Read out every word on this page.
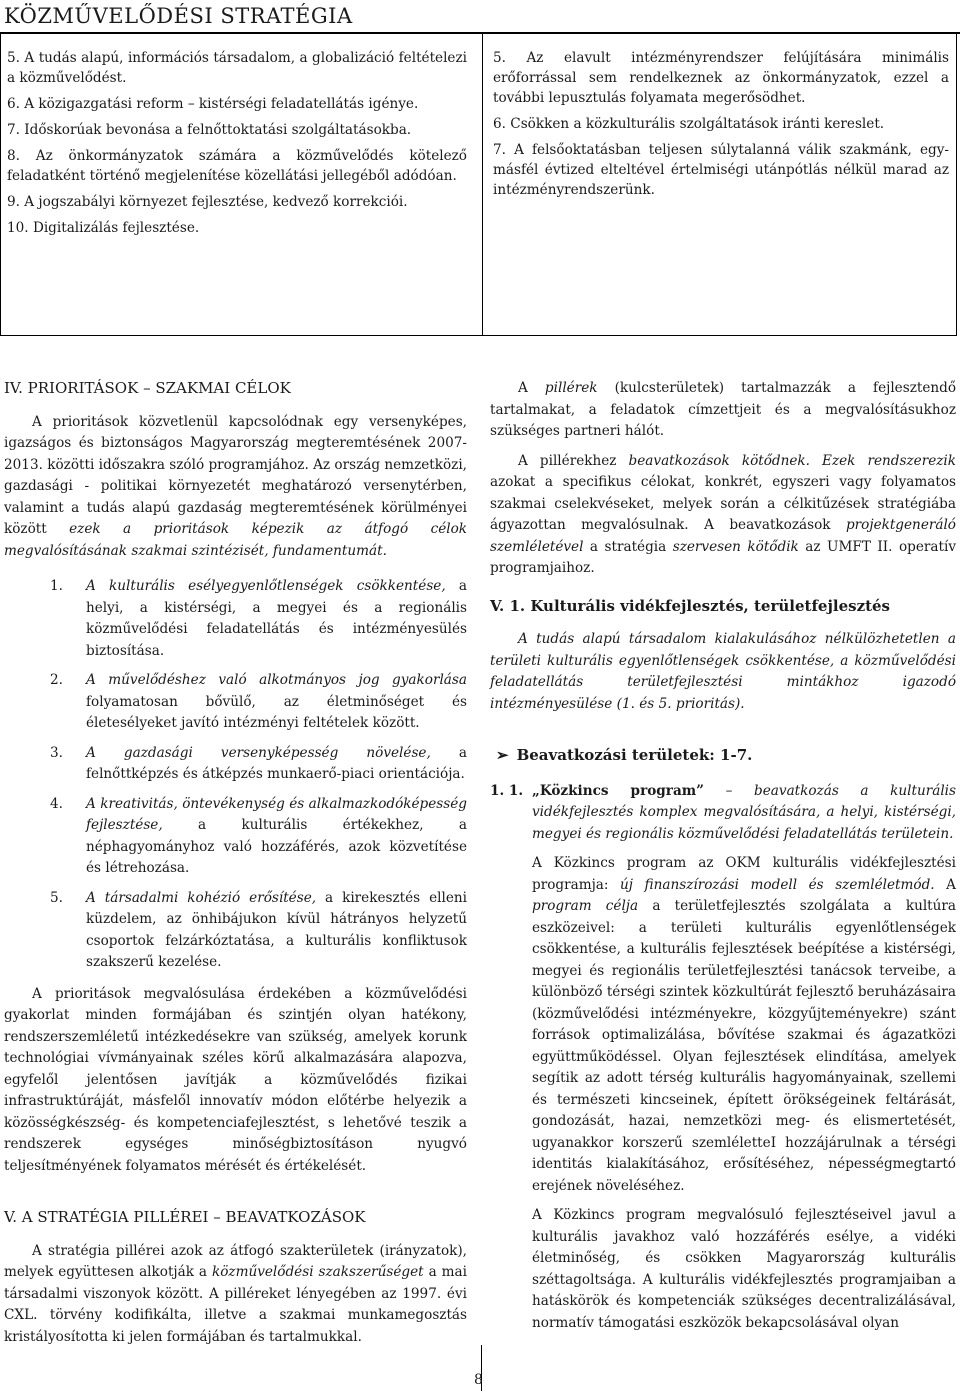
KÖZMŰVELŐDÉSI STRATÉGIA

5. A tudás alapú, információs társadalom, a globalizáció feltételezi a közművelődést.

6. A közigazgatási reform – kistérségi feladatellátás igénye.

7. Időskorúak bevonása a felnőttoktatási szolgáltatásokba.

8. Az önkormányzatok számára a közművelődés kötelező feladatként történő megjelenítése közellátási jellegéből adódóan.

9. A jogszabályi környezet fejlesztése, kedvező korrekciói.

10. Digitalizálás fejlesztése.

5. Az elavult intézményrendszer felújítására minimális erőforrással sem rendelkeznek az önkormányzatok, ezzel a további lepusztulás folyamata megerősödhet.

6. Csökken a közkulturális szolgáltatások iránti kereslet.

7. A felsőoktatásban teljesen súlytalanná válik szakmánk, egy-másfél évtized elteltével értelmiségi utánpótlás nélkül marad az intézményrendszerünk.

IV. PRIORITÁSOK – SZAKMAI CÉLOK

A prioritások közvetlenül kapcsolódnak egy versenyképes, igazságos és biztonságos Magyarország megteremtésének 2007-2013. közötti időszakra szóló programjához. Az ország nemzetközi, gazdasági - politikai környezetét meghatározó versenytérben, valamint a tudás alapú gazdaság megteremtésének körülményei között ezek a prioritások képezik az átfogó célok megvalósításának szakmai szintézisét, fundamentumát.

1. A kulturális esélyegyenlőtlenségek csökkentése, a helyi, a kistérségi, a megyei és a regionális közművelődési feladatellátás és intézményesülés biztosítása.
2. A művelődéshez való alkotmányos jog gyakorlása folyamatosan bővülő, az életminőséget és életesélyeket javító intézményi feltételek között.
3. A gazdasági versenyképesség növelése, a felnőttképzés és átképzés munkaerő-piaci orientációja.
4. A kreativitás, öntevékenység és alkalmazkodóképesség fejlesztése, a kulturális értékekhez, a néphagyományhoz való hozzáférés, azok közvetítése és létrehozása.
5. A társadalmi kohézió erősítése, a kirekesztés elleni küzdelem, az önhibájukon kívül hátrányos helyzetű csoportok felzárkóztatása, a kulturális konfliktusok szakszerű kezelése.

A prioritások megvalósulása érdekében a közművelődési gyakorlat minden formájában és szintjén olyan hatékony, rendszerszemléletű intézkedésekre van szükség, amelyek korunk technológiai vívmányainak széles körű alkalmazására alapozva, egyfelől jelentősen javítják a közművelődés fizikai infrastruktúráját, másfelől innovatív módon előtérbe helyezik a közösségkészség- és kompetenciafejlesztést, s lehetővé teszik a rendszerek egységes minőségbiztosításon nyugvó teljesítményének folyamatos mérését és értékelését.

V. A STRATÉGIA PILLÉREI – BEAVATKOZÁSOK

A stratégia pillérei azok az átfogó szakterületek (irányzatok), melyek együttesen alkotják a közművelődési szakszerűséget a mai társadalmi viszonyok között. A pilléreket lényegében az 1997. évi CXL. törvény kodifikálta, illetve a szakmai munkamegosztás kristályosította ki jelen formájában és tartalmukkal.

A pillérek (kulcsterületek) tartalmazzák a fejlesztendő tartalmakat, a feladatok címzettjeit és a megvalósításukhoz szükséges partneri hálót.

A pillérekhez beavatkozások kötődnek. Ezek rendszerezik azokat a specifikus célokat, konkrét, egyszeri vagy folyamatos szakmai cselekvéseket, melyek során a célkitűzések stratégiába ágyazottan megvalósulnak. A beavatkozások projektgeneráló szemléletével a stratégia szervesen kötődik az UMFT II. operatív programjaihoz.

V. 1. Kulturális vidékfejlesztés, területfejlesztés

A tudás alapú társadalom kialakulásához nélkülözhetetlen a területi kulturális egyenlőtlenségek csökkentése, a közművelődési feladatellátás területfejlesztési mintákhoz igazodó intézményesülése (1. és 5. prioritás).

➢ Beavatkozási területek: 1-7.
1. 1. „Közkincs program” – beavatkozás a kulturális vidékfejlesztés komplex megvalósítására, a helyi, kistérségi, megyei és regionális közművelődési feladatellátás területein.

A Közkincs program az OKM kulturális vidékfejlesztési programja: új finanszírozási modell és szemléletmód. A program célja a területfejlesztés szolgálata a kultúra eszközeivel: a területi kulturális egyenlőtlenségek csökkentése, a kulturális fejlesztések beépítése a kistérségi, megyei és regionális területfejlesztési tanácsok terveibe, a különböző térségi szintek közkultúrát fejlesztő beruházásaira (közművelődési intézményekre, közgyűjteményekre) szánt források optimalizálása, bővítése szakmai és ágazatközi együttműködéssel. Olyan fejlesztések elindítása, amelyek segítik az adott térség kulturális hagyományainak, szellemi és természeti kincseinek, épített örökségeinek feltárását, gondozását, hazai, nemzetközi meg- és elismertetését, ugyanakkor korszerű szemléletteI hozzájárulnak a térségi identitás kialakításához, erősítéséhez, népességmegtartó erejének növeléséhez.

A Közkincs program megvalósuló fejlesztéseivel javul a kulturális javakhoz való hozzáférés esélye, a vidéki életminőség, és csökken Magyarország kulturális széttagoltsága. A kulturális vidékfejlesztés programjaiban a hatáskörök és kompetenciák szükséges decentralizálásával, normatív támogatási eszközök bekapcsolásával olyan

8
